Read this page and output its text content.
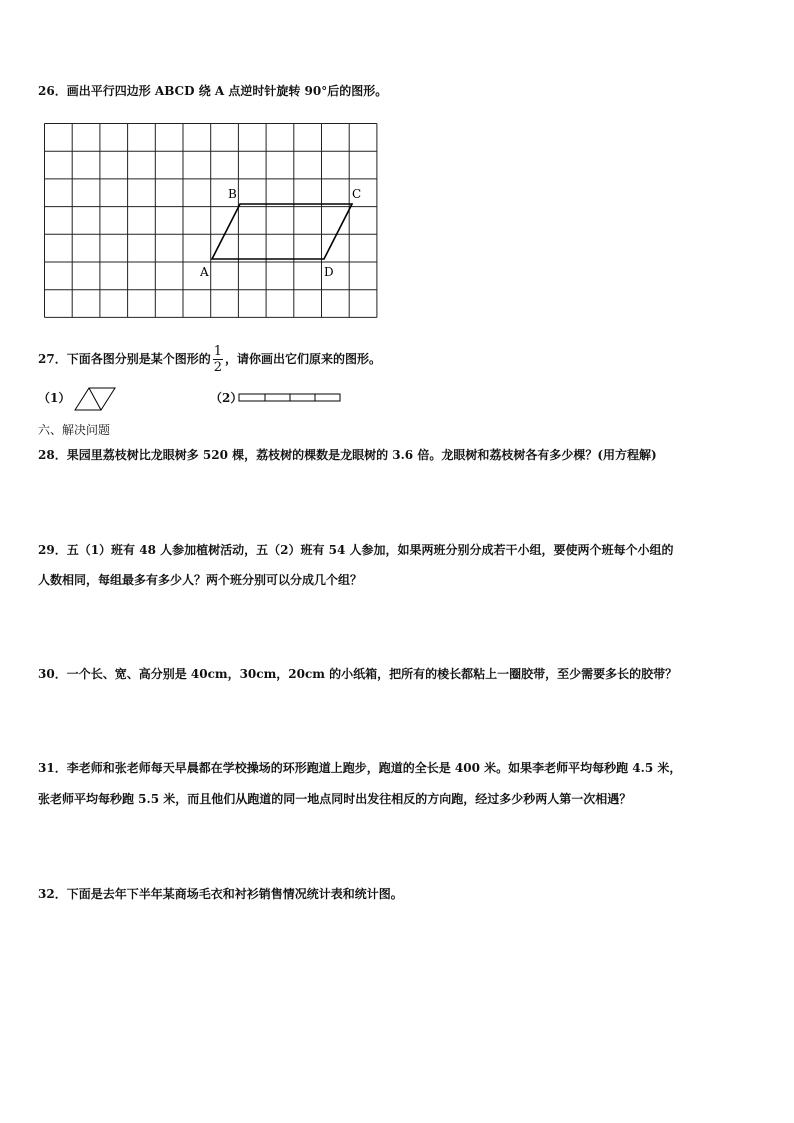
26．画出平行四边形 ABCD 绕 A 点逆时针旋转 90°后的图形。
B	C
A	D
27．下面各图分别是某个图形的 $\frac{1}{2}$ ，请你画出它们原来的图形。
（1）	（2）
六、解决问题
28．果园里荔枝树比龙眼树多 520 棵，荔枝树的棵数是龙眼树的 3.6 倍。龙眼树和荔枝树各有多少棵？(用方程解)
29．五（1）班有 48 人参加植树活动，五（2）班有 54 人参加，如果两班分别分成若干小组，要使两个班每个小组的
人数相同，每组最多有多少人？两个班分别可以分成几个组？
30．一个长、宽、高分别是 40cm，30cm，20cm 的小纸箱，把所有的棱长都粘上一圈胶带，至少需要多长的胶带？
31．李老师和张老师每天早晨都在学校操场的环形跑道上跑步，跑道的全长是 400 米。如果李老师平均每秒跑 4.5 米，
张老师平均每秒跑 5.5 米，而且他们从跑道的同一地点同时出发往相反的方向跑，经过多少秒两人第一次相遇？
32．下面是去年下半年某商场毛衣和衬衫销售情况统计表和统计图。
